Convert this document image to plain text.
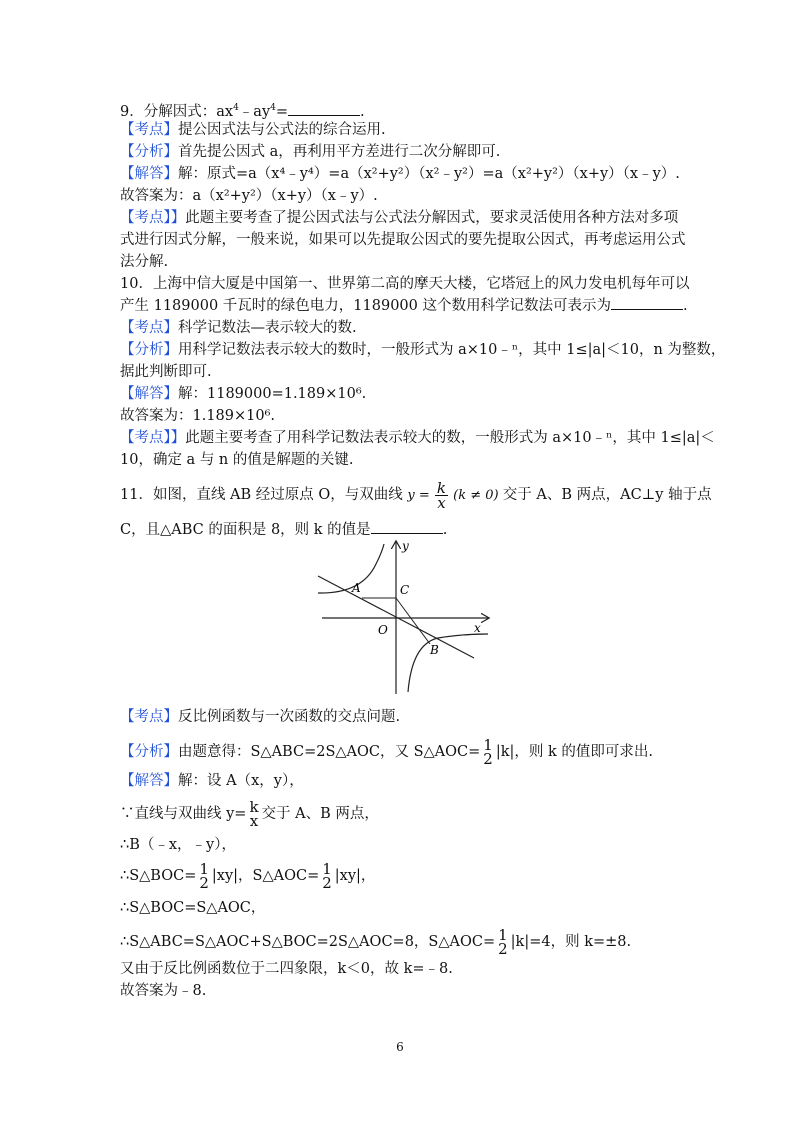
9．分解因式：$ax^4﹣ay^4=$	.
【考点】提公因式法与公式法的综合运用.
【分析】首先提公因式 a，再利用平方差进行二次分解即可.
【解答】解：原式=a（x⁴﹣y⁴）=a（x²+y²）（x²﹣y²）=a（x²+y²）（x+y）（x﹣y）.
故答案为：a（x²+y²）（x+y）（x﹣y）.
【考点】】此题主要考查了提公因式法与公式法分解因式，要求灵活使用各种方法对多项
式进行因式分解，一般来说，如果可以先提取公因式的要先提取公因式，再考虑运用公式
法分解.
10．上海中信大厦是中国第一、世界第二高的摩天大楼，它塔冠上的风力发电机每年可以
产生 1189000 千瓦时的绿色电力，1189000 这个数用科学记数法可表示为	.
【考点】科学记数法—表示较大的数.
【分析】用科学记数法表示较大的数时，一般形式为 a×10﹣ⁿ，其中 1≤|a|＜10，n 为整数，
据此判断即可.
【解答】解：1189000=1.189×10⁶.
故答案为：1.189×10⁶.
【考点】】此题主要考查了用科学记数法表示较大的数，一般形式为 a×10﹣ⁿ，其中 1≤|a|＜
10，确定 a 与 n 的值是解题的关键.
11．如图，直线 AB 经过原点 O，与双曲线 $y = \frac{k}{x} (k \ne 0)$ 交于 A、B 两点，AC⊥y 轴于点
C，且△ABC 的面积是 8，则 k 的值是	.
A	C
O
B
x
y
【考点】反比例函数与一次函数的交点问题.
【分析】由题意得：S△ABC=2S△AOC，又 S△AOC= 1
2 |k|，则 k 的值即可求出.
【解答】解：设 A（x，y），
∵直线与双曲线 y= k
x 交于 A、B 两点，
∴B（﹣x，﹣y），
∴S△BOC= 1
2 |xy|，S△AOC= 1
2 |xy|，
∴S△BOC=S△AOC，
∴S△ABC=S△AOC+S△BOC=2S△AOC=8，S△AOC= 1
2 |k|=4，则 k=±8.
又由于反比例函数位于二四象限，k＜0，故 k=﹣8.
故答案为﹣8.
6
